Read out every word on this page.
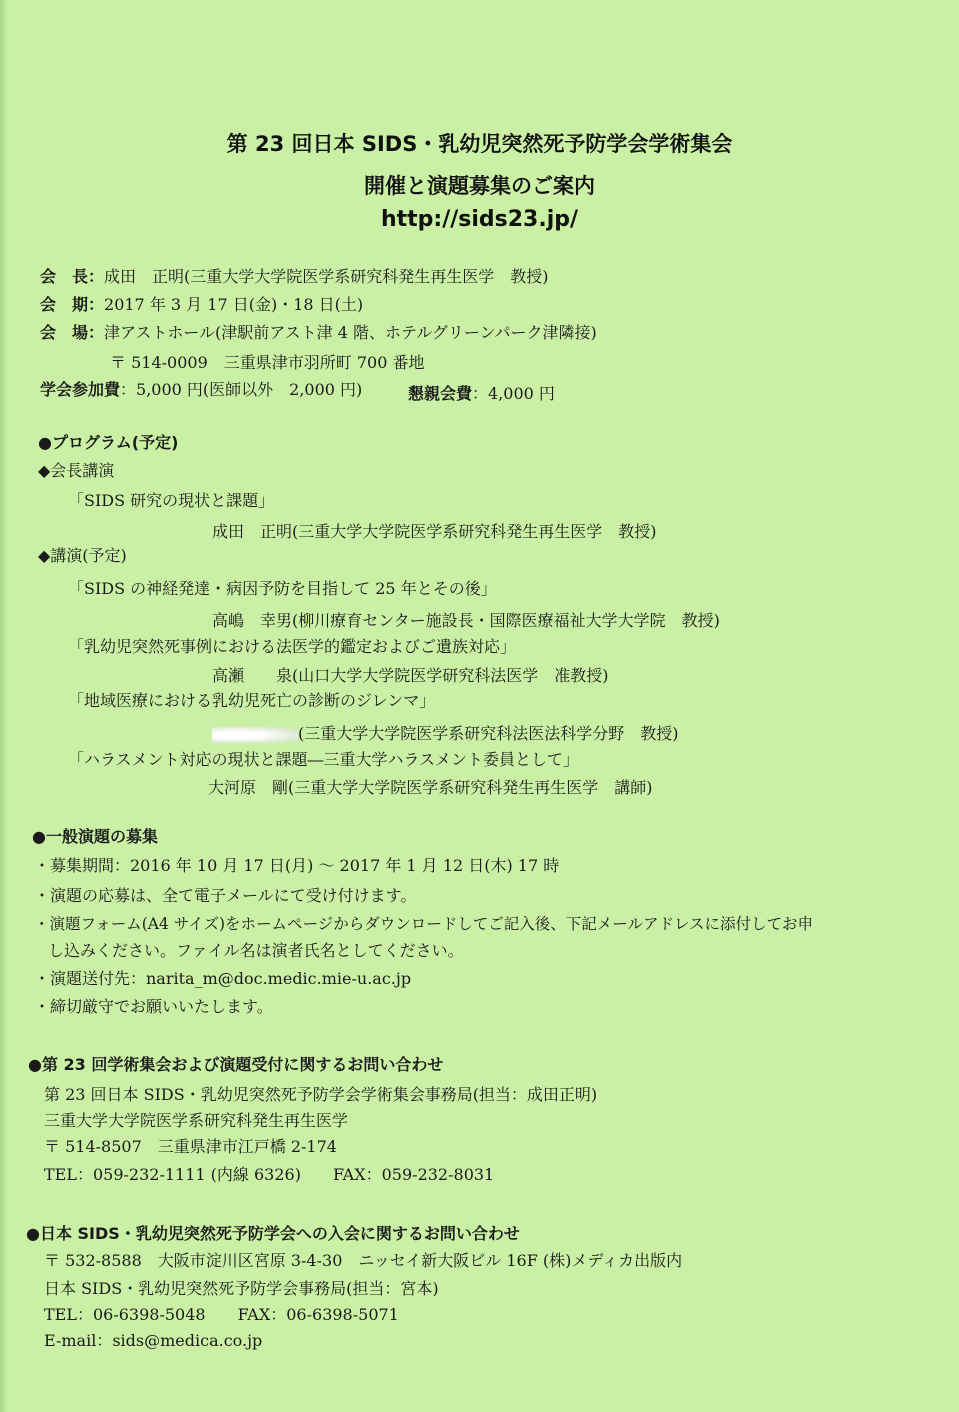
第 23 回日本 SIDS・乳幼児突然死予防学会学術集会
開催と演題募集のご案内
http://sids23.jp/
会　長：成田　正明(三重大学大学院医学系研究科発生再生医学　教授)
会　期：2017 年 3 月 17 日(金)・18 日(土)
会　場：津アストホール(津駅前アスト津 4 階、ホテルグリーンパーク津隣接)
〒 514-0009　三重県津市羽所町 700 番地
学会参加費：5,000 円(医師以外　2,000 円)	懇親会費：4,000 円
●プログラム(予定)
◆会長講演
「SIDS 研究の現状と課題」
成田　正明(三重大学大学院医学系研究科発生再生医学　教授)
◆講演(予定)
「SIDS の神経発達・病因予防を目指して 25 年とその後」
高嶋　幸男(柳川療育センター施設長・国際医療福祉大学大学院　教授)
「乳幼児突然死事例における法医学的鑑定およびご遺族対応」
高瀬　　泉(山口大学大学院医学研究科法医学　准教授)
「地域医療における乳幼児死亡の診断のジレンマ」
(三重大学大学院医学系研究科法医法科学分野　教授)
「ハラスメント対応の現状と課題―三重大学ハラスメント委員として」
大河原　剛(三重大学大学院医学系研究科発生再生医学　講師)
●一般演題の募集
・募集期間：2016 年 10 月 17 日(月) ～ 2017 年 1 月 12 日(木) 17 時
・演題の応募は、全て電子メールにて受け付けます。
・演題フォーム(A4 サイズ)をホームページからダウンロードしてご記入後、下記メールアドレスに添付してお申
し込みください。ファイル名は演者氏名としてください。
・演題送付先：narita_m@doc.medic.mie-u.ac.jp
・締切厳守でお願いいたします。
●第 23 回学術集会および演題受付に関するお問い合わせ
第 23 回日本 SIDS・乳幼児突然死予防学会学術集会事務局(担当：成田正明)
三重大学大学院医学系研究科発生再生医学
〒 514-8507　三重県津市江戸橋 2-174
TEL：059-232-1111 (内線 6326)　　FAX：059-232-8031
●日本 SIDS・乳幼児突然死予防学会への入会に関するお問い合わせ
〒 532-8588　大阪市淀川区宮原 3-4-30　ニッセイ新大阪ビル 16F (株)メディカ出版内
日本 SIDS・乳幼児突然死予防学会事務局(担当：宮本)
TEL：06-6398-5048　　FAX：06-6398-5071
E-mail：sids@medica.co.jp
